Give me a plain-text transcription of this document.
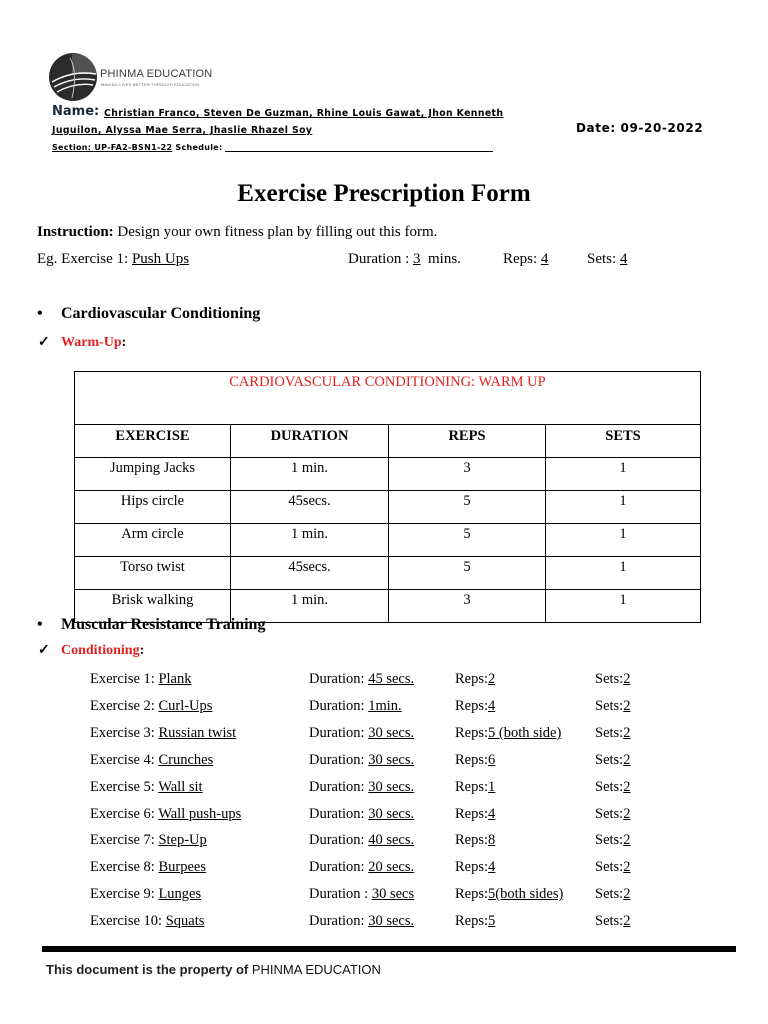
PHINMA EDUCATION
MAKING LIVES BETTER THROUGH EDUCATION
Name: Christian Franco, Steven De Guzman, Rhine Louis Gawat, Jhon Kenneth
Juguilon, Alyssa Mae Serra, Jhaslie Rhazel Soy
Section: UP-FA2-BSN1-22 Schedule:
Date: 09-20-2022
Exercise Prescription Form
Instruction: Design your own fitness plan by filling out this form.
Eg. Exercise 1: Push Ups	Duration : 3 mins.	Reps: 4	Sets: 4
• Cardiovascular Conditioning
✓ Warm-Up:
CARDIOVASCULAR CONDITIONING: WARM UP			
EXERCISE	DURATION	REPS	SETS
Jumping Jacks	1 min.	3	1
Hips circle	45secs.	5	1
Arm circle	1 min.	5	1
Torso twist	45secs.	5	1
Brisk walking	1 min.	3	1
• Muscular Resistance Training
✓ Conditioning:
Exercise 1: Plank	Duration: 45 secs.	Reps:2	Sets:2
Exercise 2: Curl-Ups	Duration: 1min.	Reps:4	Sets:2
Exercise 3: Russian twist	Duration: 30 secs.	Reps:5 (both side) Sets:2
Exercise 4: Crunches	Duration: 30 secs.	Reps:6	Sets:2
Exercise 5: Wall sit	Duration: 30 secs.	Reps:1	Sets:2
Exercise 6: Wall push-ups	Duration: 30 secs.	Reps:4	Sets:2
Exercise 7: Step-Up	Duration: 40 secs.	Reps:8	Sets:2
Exercise 8: Burpees	Duration: 20 secs.	Reps:4	Sets:2
Exercise 9: Lunges	Duration : 30 secs	Reps:5(both sides) Sets:2
Exercise 10: Squats	Duration: 30 secs.	Reps:5	Sets:2
This document is the property of PHINMA EDUCATION
